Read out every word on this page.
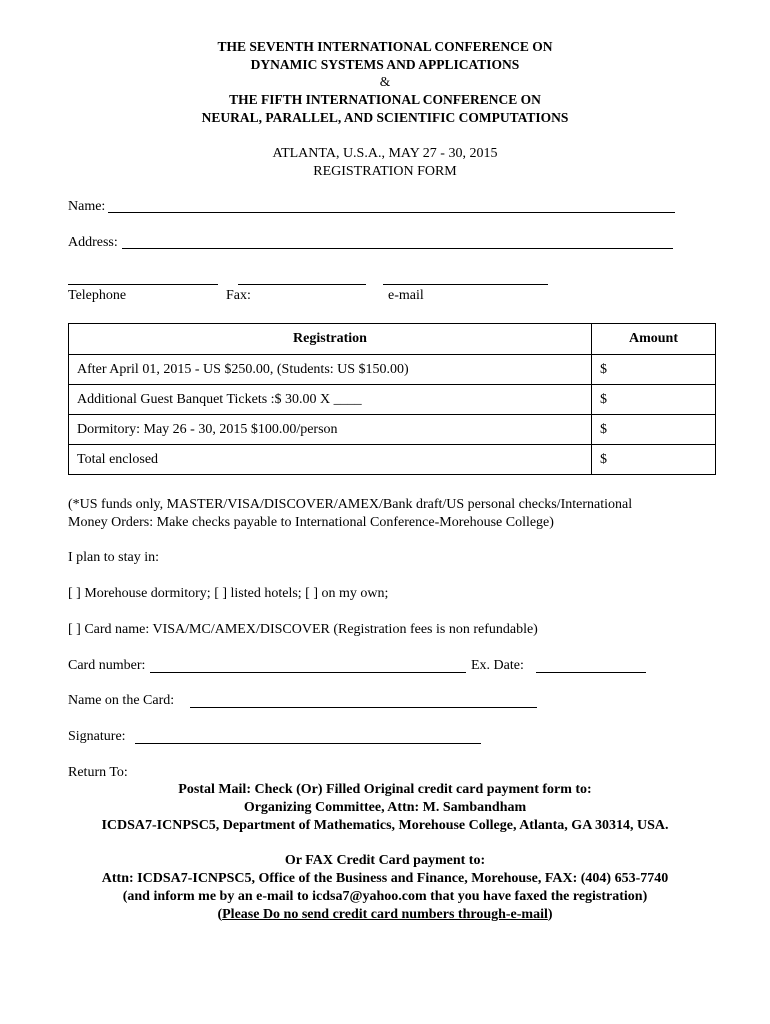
THE SEVENTH INTERNATIONAL CONFERENCE ON
DYNAMIC SYSTEMS AND APPLICATIONS
&
THE FIFTH INTERNATIONAL CONFERENCE ON
NEURAL, PARALLEL, AND SCIENTIFIC COMPUTATIONS
ATLANTA, U.S.A., MAY 27 - 30, 2015
REGISTRATION FORM
Name:
Address:
Telephone	Fax:	e-mail
Registration	Amount
After April 01, 2015 - US $250.00, (Students: US $150.00)	$
Additional Guest Banquet Tickets :$ 30.00 X ____	$
Dormitory: May 26 - 30, 2015 $100.00/person	$
Total enclosed	$
(*US funds only, MASTER/VISA/DISCOVER/AMEX/Bank draft/US personal checks/International
Money Orders: Make checks payable to International Conference-Morehouse College)
I plan to stay in:
[ ] Morehouse dormitory; [ ] listed hotels; [ ] on my own;
[ ] Card name: VISA/MC/AMEX/DISCOVER (Registration fees is non refundable)
Card number:	Ex. Date:
Name on the Card:
Signature:
Return To:
Postal Mail: Check (Or) Filled Original credit card payment form to:
Organizing Committee, Attn: M. Sambandham
ICDSA7-ICNPSC5, Department of Mathematics, Morehouse College, Atlanta, GA 30314, USA.
Or FAX Credit Card payment to:
Attn: ICDSA7-ICNPSC5, Office of the Business and Finance, Morehouse, FAX: (404) 653-7740
(and inform me by an e-mail to icdsa7@yahoo.com that you have faxed the registration)
(Please Do no send credit card numbers through-e-mail)
